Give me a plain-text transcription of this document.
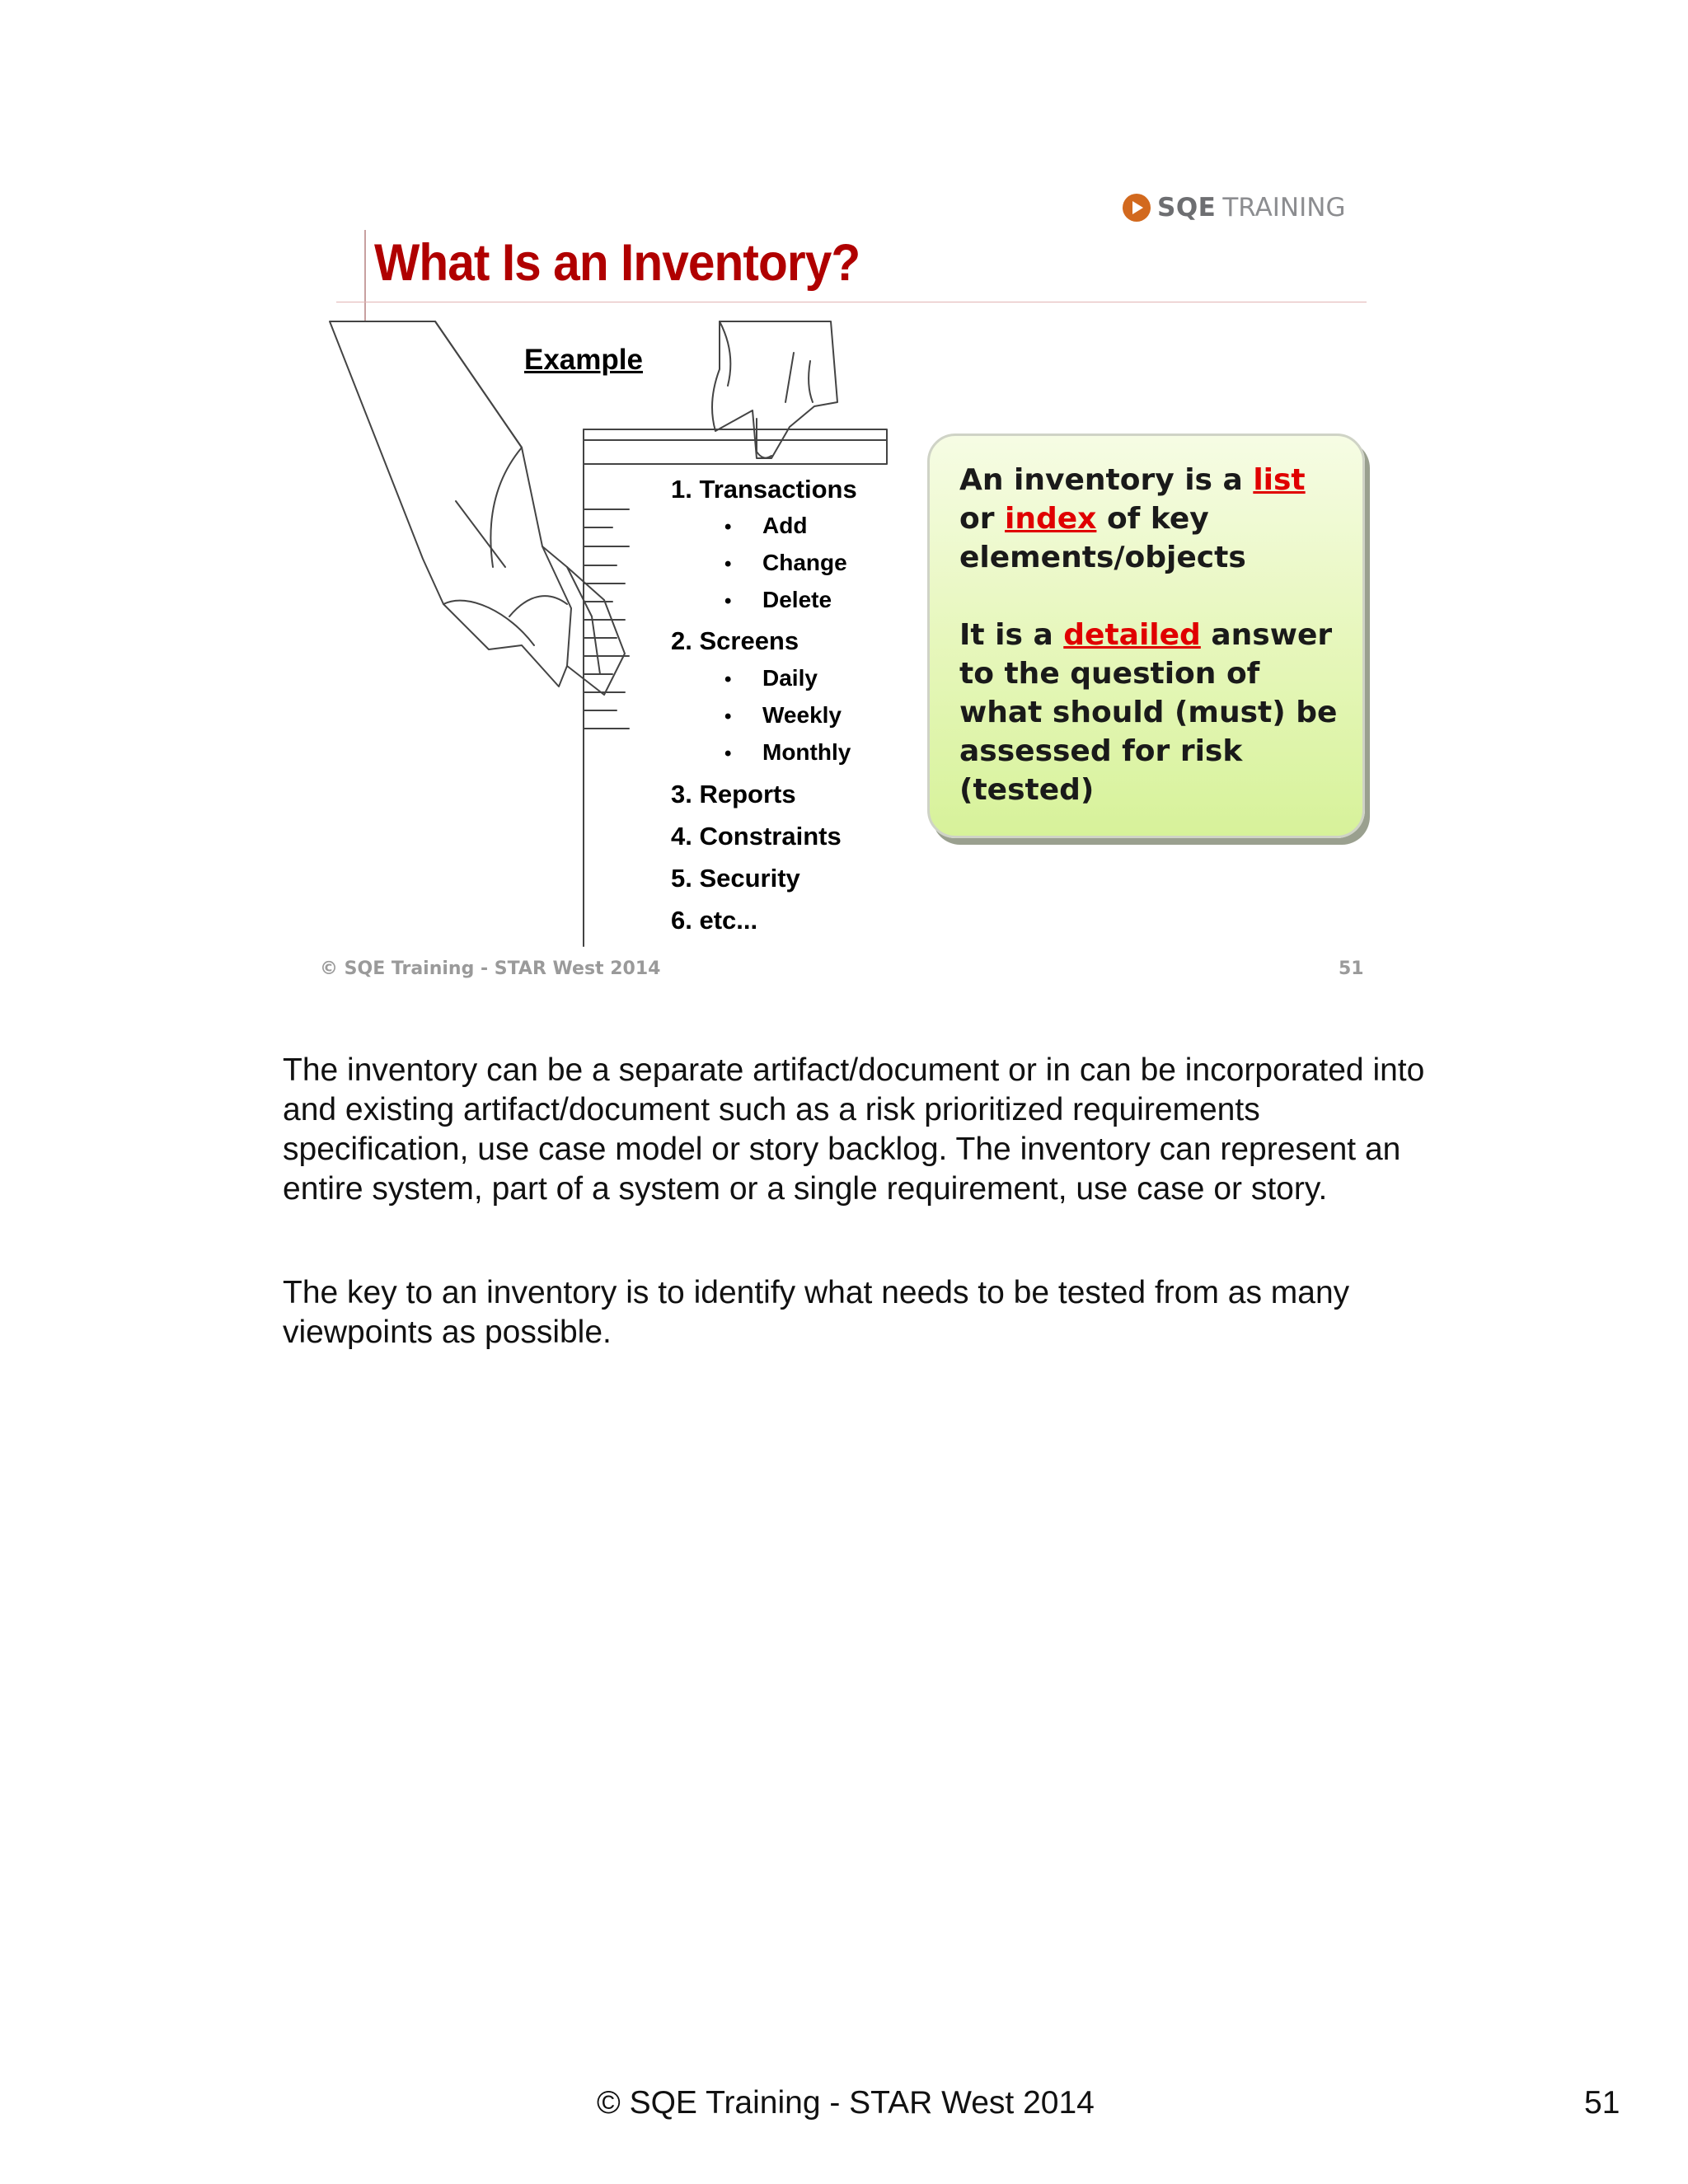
SQE TRAINING
What Is an Inventory?
Example
1. Transactions
• Add
• Change
• Delete
2. Screens
• Daily
• Weekly
• Monthly
3. Reports
4. Constraints
5. Security
6. etc...

An inventory is a list or index of key elements/objects

It is a detailed answer to the question of what should (must) be assessed for risk (tested)

© SQE Training - STAR West 2014	51

The inventory can be a separate artifact/document or in can be incorporated into and existing artifact/document such as a risk prioritized requirements specification, use case model or story backlog. The inventory can represent an entire system, part of a system or a single requirement, use case or story.

The key to an inventory is to identify what needs to be tested from as many viewpoints as possible.

© SQE Training - STAR West 2014	51
